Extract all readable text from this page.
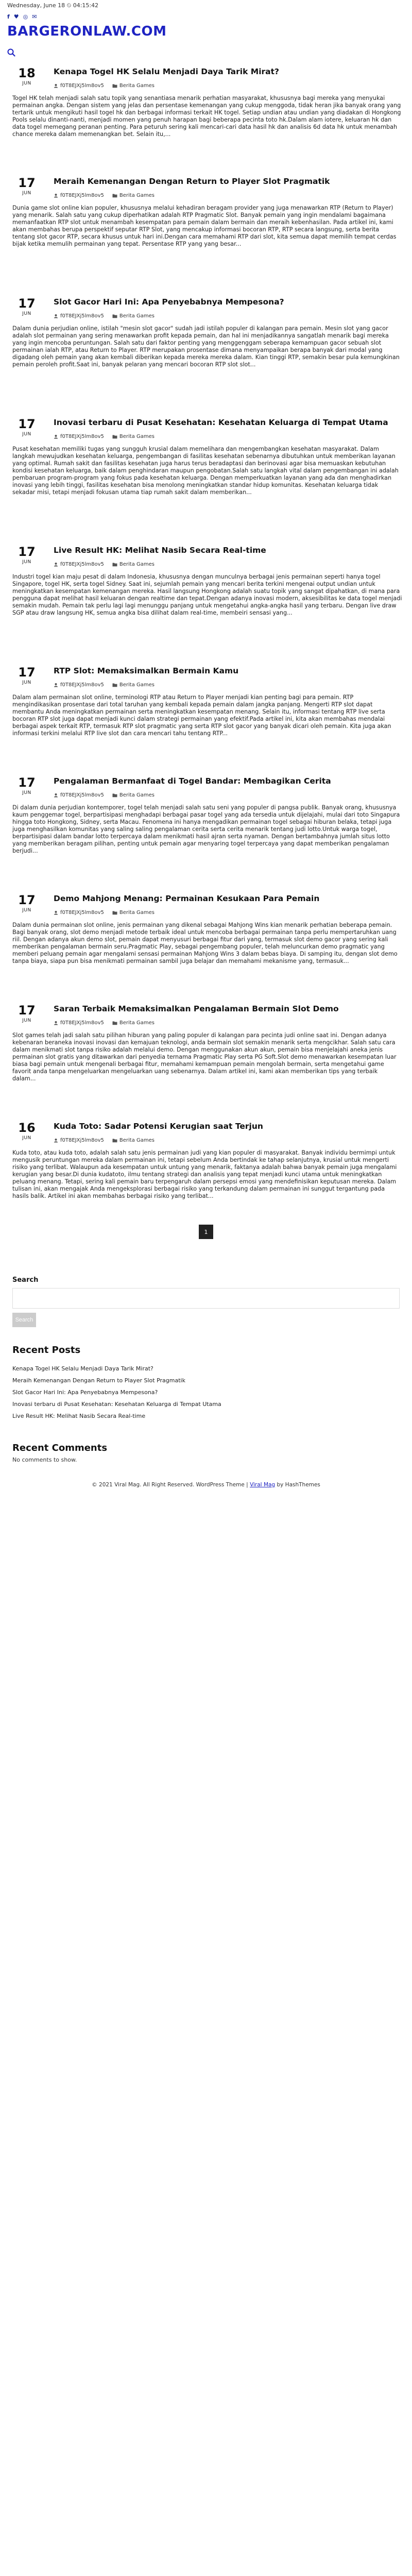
Wednesday, June 18 ⏲ 04:15:42
f ♥ ◎ ✉
BARGERONLAW.COM
18
JUN
Kenapa Togel HK Selalu Menjadi Daya Tarik Mirat?
f0T8EJXj5lm8ov5	Berita Games

Togel HK telah menjadi salah satu topik yang senantiasa menarik perhatian masyarakat, khususnya bagi mereka yang menyukai permainan angka. Dengan sistem yang jelas dan persentase kemenangan yang cukup menggoda, tidak heran jika banyak orang yang tertarik untuk mengikuti hasil togel hk dan berbagai informasi terkait HK togel. Setiap undian atau undian yang diadakan di Hongkong Pools selalu dinanti-nanti, menjadi momen yang penuh harapan bagi beberapa pecinta toto hk.Dalam alam iotere, keluaran hk dan data togel memegang peranan penting. Para peturuh sering kali mencari-cari data hasil hk dan analisis 6d data hk untuk menambah chance mereka dalam memenangkan bet. Selain itu,...

17
JUN
Meraih Kemenangan Dengan Return to Player Slot Pragmatik
f0T8EJXj5lm8ov5	Berita Games

Dunia game slot online kian populer, khususnya melalui kehadiran beragam provider yang juga menawarkan RTP (Return to Player) yang menarik. Salah satu yang cukup diperhatikan adalah RTP Pragmatic Slot. Banyak pemain yang ingin mendalami bagaimana memanfaatkan RTP slot untuk menambah kesempatan para pemain dalam bermain dan meraih kebenhasilan. Pada artikel ini, kami akan membahas berupa perspektif seputar RTP Slot, yang mencakup informasi bocoran RTP, RTP secara langsung, serta berita tentang slot gacor RTP, secara khusus untuk hari ini.Dengan cara memahami RTP dari slot, kita semua dapat memilih tempat cerdas bijak ketika memulih permainan yang tepat. Persentase RTP yang yang besar...

17
JUN
Slot Gacor Hari Ini: Apa Penyebabnya Mempesona?
f0T8EJXj5lm8ov5	Berita Games

Dalam dunia perjudian online, istilah "mesin slot gacor" sudah jadi istilah populer di kalangan para pemain. Mesin slot yang gacor adalah slot permainan yang sering menawarkan profit kepada pemain, dan hal ini menjadikannya sangatlah menarik bagi mereka yang ingin mencoba peruntungan. Salah satu dari faktor penting yang menggenggam seberapa kemampuan gacor sebuah slot permainan ialah RTP, atau Return to Player. RTP merupakan prosentase dimana menyampaikan berapa banyak dari modal yang digadang oleh pemain yang akan kembali diberikan kepada mereka mereka dalam. Kian tinggi RTP, semakin besar pula kemungkinan pemain peroleh profit.Saat ini, banyak pelaran yang mencari bocoran RTP slot slot...

17
JUN
Inovasi terbaru di Pusat Kesehatan: Kesehatan Keluarga di Tempat Utama
f0T8EJXj5lm8ov5	Berita Games

Pusat kesehatan memiliki tugas yang sungguh krusial dalam memelihara dan mengembangkan kesehatan masyarakat. Dalam langkah mewujudkan kesehatan keluarga, pengembangan di fasilitas kesehatan sebenarnya dibutuhkan untuk memberikan layanan yang optimal. Rumah sakit dan fasilitas kesehatan juga harus terus beradaptasi dan berinovasi agar bisa memuaskan kebutuhan kondisi kesehatan keluarga, baik dalam penghindaran maupun pengobatan.Salah satu langkah vital dalam pengembangan ini adalah pembaruan program-program yang fokus pada kesehatan keluarga. Dengan memperkuatkan layanan yang ada dan menghadirkan inovasi yang lebih tinggi, fasilitas kesehatan bisa menolong meningkatkan standar hidup komunitas. Kesehatan keluarga tidak sekadar misi, tetapi menjadi fokusan utama tiap rumah sakit dalam memberikan...

17
JUN
Live Result HK: Melihat Nasib Secara Real-time
f0T8EJXj5lm8ov5	Berita Games

Industri togel kian maju pesat di dalam Indonesia, khususnya dengan munculnya berbagai jenis permainan seperti hanya togel Singapore, togel HK, serta togel Sidney. Saat ini, sejumlah pemain yang mencari berita terkini mengenai output undian untuk meningkatkan kesempatan kemenangan mereka. Hasil langsung Hongkong adalah suatu topik yang sangat dipahatkan, di mana para pengguna dapat melihat hasil keluaran dengan realtime dan tepat.Dengan adanya inovasi modern, aksesibilitas ke data togel menjadi semakin mudah. Pemain tak perlu lagi lagi menunggu panjang untuk mengetahui angka-angka hasil yang terbaru. Dengan live draw SGP atau draw langsung HK, semua angka bisa dilihat dalam real-time, membeiri sensasi yang...

17
JUN
RTP Slot: Memaksimalkan Bermain Kamu
f0T8EJXj5lm8ov5	Berita Games

Dalam alam permainan slot online, terminologi RTP atau Return to Player menjadi kian penting bagi para pemain. RTP mengindikasikan prosentase dari total taruhan yang kembali kepada pemain dalam jangka panjang. Mengerti RTP slot dapat membantu Anda meningkatkan permainan serta meningkatkan kesempatan menang. Selain itu, informasi tentang RTP live serta bocoran RTP slot juga dapat menjadi kunci dalam strategi permainan yang efektif.Pada artikel ini, kita akan membahas mendalai berbagai aspek terkait RTP, termasuk RTP slot pragmatic yang serta RTP slot gacor yang banyak dicari oleh pemain. Kita juga akan informasi terkini melalui RTP live slot dan cara mencari tahu tentang RTP...

17
JUN
Pengalaman Bermanfaat di Togel Bandar: Membagikan Cerita
f0T8EJXj5lm8ov5	Berita Games

Di dalam dunia perjudian kontemporer, togel telah menjadi salah satu seni yang populer di pangsa publik. Banyak orang, khususnya kaum penggemar togel, berpartisipasi menghadapi berbagai pasar togel yang ada tersedia untuk dijelajahi, mulai dari toto Singapura hingga toto Hongkong, Sidney, serta Macau. Fenomena ini hanya mengadikan permainan togel sebagai hiburan belaka, tetapi juga juga menghasilkan komunitas yang saling saling pengalaman cerita serta cerita menarik tentang judi lotto.Untuk warga togel, berpartisipasi dalam bandar lotto terpercaya dalam menikmati hasil ajran serta nyaman. Dengan bertambahnya jumlah situs lotto yang memberikan beragam pilihan, penting untuk pemain agar menyaring togel terpercaya yang dapat memberikan pengalaman berjudi...

17
JUN
Demo Mahjong Menang: Permainan Kesukaan Para Pemain
f0T8EJXj5lm8ov5	Berita Games

Dalam dunia permainan slot online, jenis permainan yang dikenal sebagai Mahjong Wins kian menarik perhatian beberapa pemain. Bagi banyak orang, slot demo menjadi metode terbaik ideal untuk mencoba berbagai permainan tanpa perlu mempertaruhkan uang riil. Dengan adanya akun demo slot, pemain dapat menyusuri berbagai fitur dari yang, termasuk slot demo gacor yang sering kali memberikan pengalaman bermain seru.Pragmatic Play, sebagai pengembang populer, telah meluncurkan demo pragmatic yang memberi peluang pemain agar mengalami sensasi permainan Mahjong Wins 3 dalam bebas biaya. Di samping itu, dengan slot demo tanpa biaya, siapa pun bisa menikmati permainan sambil juga belajar dan memahami mekanisme yang, termasuk...

17
JUN
Saran Terbaik Memaksimalkan Pengalaman Bermain Slot Demo
f0T8EJXj5lm8ov5	Berita Games

Slot games telah jadi salah satu pilihan hiburan yang paling populer di kalangan para pecinta judi online saat ini. Dengan adanya kebenaran beraneka inovasi inovasi dan kemajuan teknologi, anda bermain slot semakin menarik serta mengcikhar. Salah satu cara dalam menikmati slot tanpa risiko adalah melalui demo. Dengan menggunakan akun akun, pemain bisa menjelajahi aneka jenis permainan slot gratis yang ditawarkan dari penyedia ternama Pragmatic Play serta PG Soft.Slot demo menawarkan kesempatan luar biasa bagi pemain untuk mengenali berbagai fitur, memahami kemampuan pemain mengolah bermain, serta mengetahui game favorit anda tanpa mengeluarkan mengeluarkan uang sebenarnya. Dalam artikel ini, kami akan memberikan tips yang terbaik dalam...

16
JUN
Kuda Toto: Sadar Potensi Kerugian saat Terjun
f0T8EJXj5lm8ov5	Berita Games

Kuda toto, atau kuda toto, adalah salah satu jenis permainan judi yang kian populer di masyarakat. Banyak individu bermimpi untuk mengusik peruntungan mereka dalam permainan ini, tetapi sebelum Anda bertindak ke tahap selanjutnya, krusial untuk mengerti risiko yang terlibat. Walaupun ada kesempatan untuk untung yang menarik, faktanya adalah bahwa banyak pemain juga mengalami kerugian yang besar.Di dunia kudatoto, ilmu tentang strategi dan analisis yang tepat menjadi kunci utama untuk meningkatkan peluang menang. Tetapi, sering kali pemain baru terpengaruh dalam persepsi emosi yang mendefinisikan keputusan mereka. Dalam tulisan ini, akan mengajak Anda mengeksplorasi berbagai risiko yang terkandung dalam permainan ini sunggut tergantung pada hasils balik. Artikel ini akan membahas berbagai risiko yang terlibat...

1
Search
Search
Recent Posts
Kenapa Togel HK Selalu Menjadi Daya Tarik Mirat?
Meraih Kemenangan Dengan Return to Player Slot Pragmatik
Slot Gacor Hari Ini: Apa Penyebabnya Mempesona?
Inovasi terbaru di Pusat Kesehatan: Kesehatan Keluarga di Tempat Utama
Live Result HK: Melihat Nasib Secara Real-time
Recent Comments
No comments to show.
© 2021 Viral Mag. All Right Reserved. WordPress Theme | Viral Mag by HashThemes
